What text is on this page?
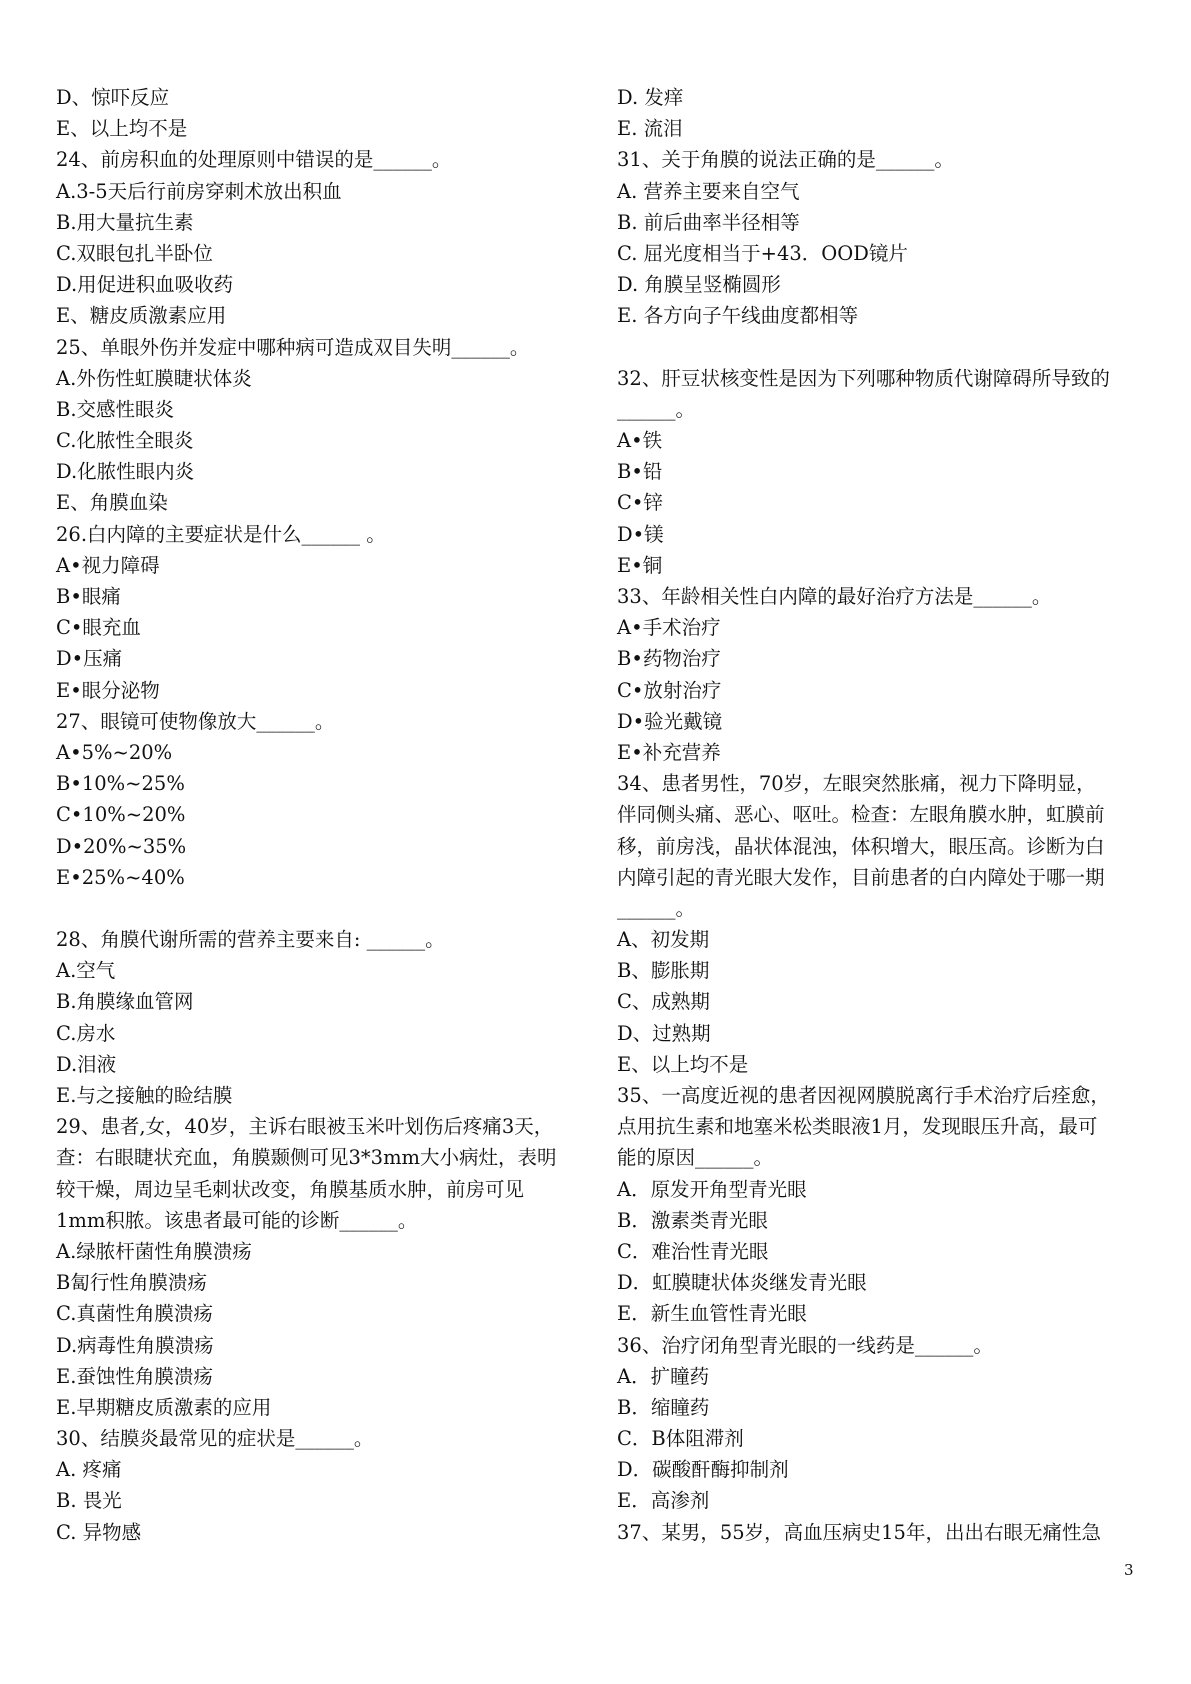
D、惊吓反应
E、以上均不是
24、前房积血的处理原则中错误的是______。
A.3-5天后行前房穿刺术放出积血
B.用大量抗生素
C.双眼包扎半卧位
D.用促进积血吸收药
E、糖皮质激素应用
25、单眼外伤并发症中哪种病可造成双目失明______。
A.外伤性虹膜睫状体炎
B.交感性眼炎
C.化脓性全眼炎
D.化脓性眼内炎
E、角膜血染
26.白内障的主要症状是什么______ 。
A•视力障碍
B•眼痛
C•眼充血
D•压痛
E•眼分泌物
27、眼镜可使物像放大______。
A•5%~20%
B•10%~25%
C•10%~20%
D•20%~35%
E•25%~40%
28、角膜代谢所需的营养主要来自: ______。
A.空气
B.角膜缘血管网
C.房水
D.泪液
E.与之接触的睑结膜
29、患者,女，40岁，主诉右眼被玉米叶划伤后疼痛3天，
查：右眼睫状充血，角膜颞侧可见3*3mm大小病灶，表明
较干燥，周边呈毛刺状改变，角膜基质水肿，前房可见
1mm积脓。该患者最可能的诊断______。
A.绿脓杆菌性角膜溃疡
B匐行性角膜溃疡
C.真菌性角膜溃疡
D.病毒性角膜溃疡
E.蚕蚀性角膜溃疡
E.早期糖皮质激素的应用
30、结膜炎最常见的症状是______。
A. 疼痛
B. 畏光
C. 异物感
D. 发痒
E. 流泪
31、关于角膜的说法正确的是______。
A. 营养主要来自空气
B. 前后曲率半径相等
C. 屈光度相当于+43．OOD镜片
D. 角膜呈竖椭圆形
E. 各方向子午线曲度都相等
32、肝豆状核变性是因为下列哪种物质代谢障碍所导致的
______。
A•铁
B•铅
C•锌
D•镁
E•铜
33、年龄相关性白内障的最好治疗方法是______。
A•手术治疗
B•药物治疗
C•放射治疗
D•验光戴镜
E•补充营养
34、患者男性，70岁，左眼突然胀痛，视力下降明显，
伴同侧头痛、恶心、呕吐。检查：左眼角膜水肿，虹膜前
移，前房浅，晶状体混浊，体积增大，眼压高。诊断为白
内障引起的青光眼大发作，目前患者的白内障处于哪一期
______。
A、初发期
B、膨胀期
C、成熟期
D、过熟期
E、以上均不是
35、一高度近视的患者因视网膜脱离行手术治疗后痊愈，
点用抗生素和地塞米松类眼液1月，发现眼压升高，最可
能的原因______。
A．原发开角型青光眼
B．激素类青光眼
C．难治性青光眼
D．虹膜睫状体炎继发青光眼
E．新生血管性青光眼
36、治疗闭角型青光眼的一线药是______。
A．扩瞳药
B．缩瞳药
C．B体阻滞剂
D．碳酸酐酶抑制剂
E．高渗剂
37、某男，55岁，高血压病史15年，出出右眼无痛性急
3
